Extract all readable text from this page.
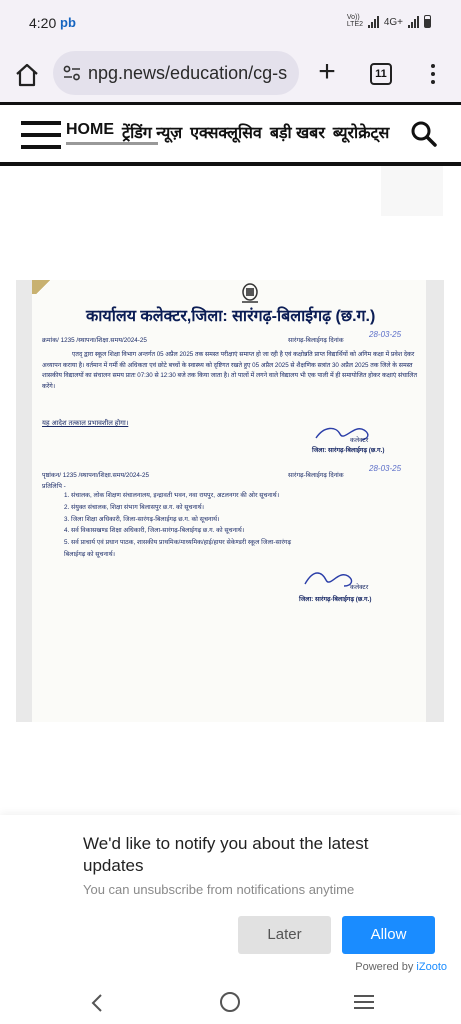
4:20 pb	Vo)) LTE2 4G+
npg.news/education/cg-s +	11
HOME ट्रेंडिंग न्यूज़ एक्सक्लूसिव बड़ी खबर ब्यूरोक्रेट्स
कार्यालय कलेक्टर,जिला: सारंगढ़-बिलाईगढ़ (छ.ग.)
क्रमांक/ 1235 /स्थापना/शिक्षा.समय/2024-25	सारंगढ़-बिलाईगढ़ दिनांक
28-03-25
एतद् द्वारा स्कूल शिक्षा विभाग अन्तर्गत 05 अप्रैल 2025 तक समस्त परीक्षाएं समाप्त हो जा रही है एवं कक्षोन्नति प्राप्त विद्यार्थियों को अगिम कक्षा में प्रवेश देकर अध्यापन कराया है। वर्तमान में गर्मी की अधिकता एवं छोटे बच्चों के स्वास्थ्य को दृष्टिगत रखते हुए 05 अप्रैल 2025 से शैक्षणिक सत्रांत 30 अप्रैल 2025 तक जिले के समस्त शासकीय विद्यालयों का संचालन समय प्रातः 07:30 से 12:30 बजे तक किया जाता है। तो पालों में लगने वाले विद्यालय भी एक पाली में ही समायोजित होकर कक्षाएं संचालित करेंगे।
यह आदेश तत्काल प्रभावशील होगा।
कलेक्टर
जिला: सारंगढ़-बिलाईगढ़ (छ.ग.)
पृष्ठांकन/ 1235 /स्थापना/शिक्षा.समय/2024-25	सारंगढ़-बिलाईगढ़ दिनांक
28-03-25
प्रतिलिपि -
1. संचालक, लोक शिक्षण संचालनालय, इन्द्रावती भवन, नवा रायपुर, अटलनगर की ओर सूचनार्थ।
2. संयुक्त संचालक, शिक्षा संभाग बिलासपुर छ.ग. को सूचनार्थ।
3. जिला शिक्षा अधिकारी, जिला-सारंगढ़-बिलाईगढ़ छ.ग. को सूचनार्थ।
4. सर्व विकासखण्ड शिक्षा अधिकारी, जिला-सारंगढ़-बिलाईगढ़ छ.ग. को सूचनार्थ।
5. सर्व प्राचार्य एवं प्रधान पाठक, शासकीय प्राथमिक/माध्यमिक/हाई/हायर सेकेण्डरी स्कूल जिला-सारंगढ़
बिलाईगढ़ को सूचनार्थ।
कलेक्टर
जिला: सारंगढ़-बिलाईगढ़ (छ.ग.)
We'd like to notify you about the latest updates
You can unsubscribe from notifications anytime
Later	Allow
Powered by iZooto
